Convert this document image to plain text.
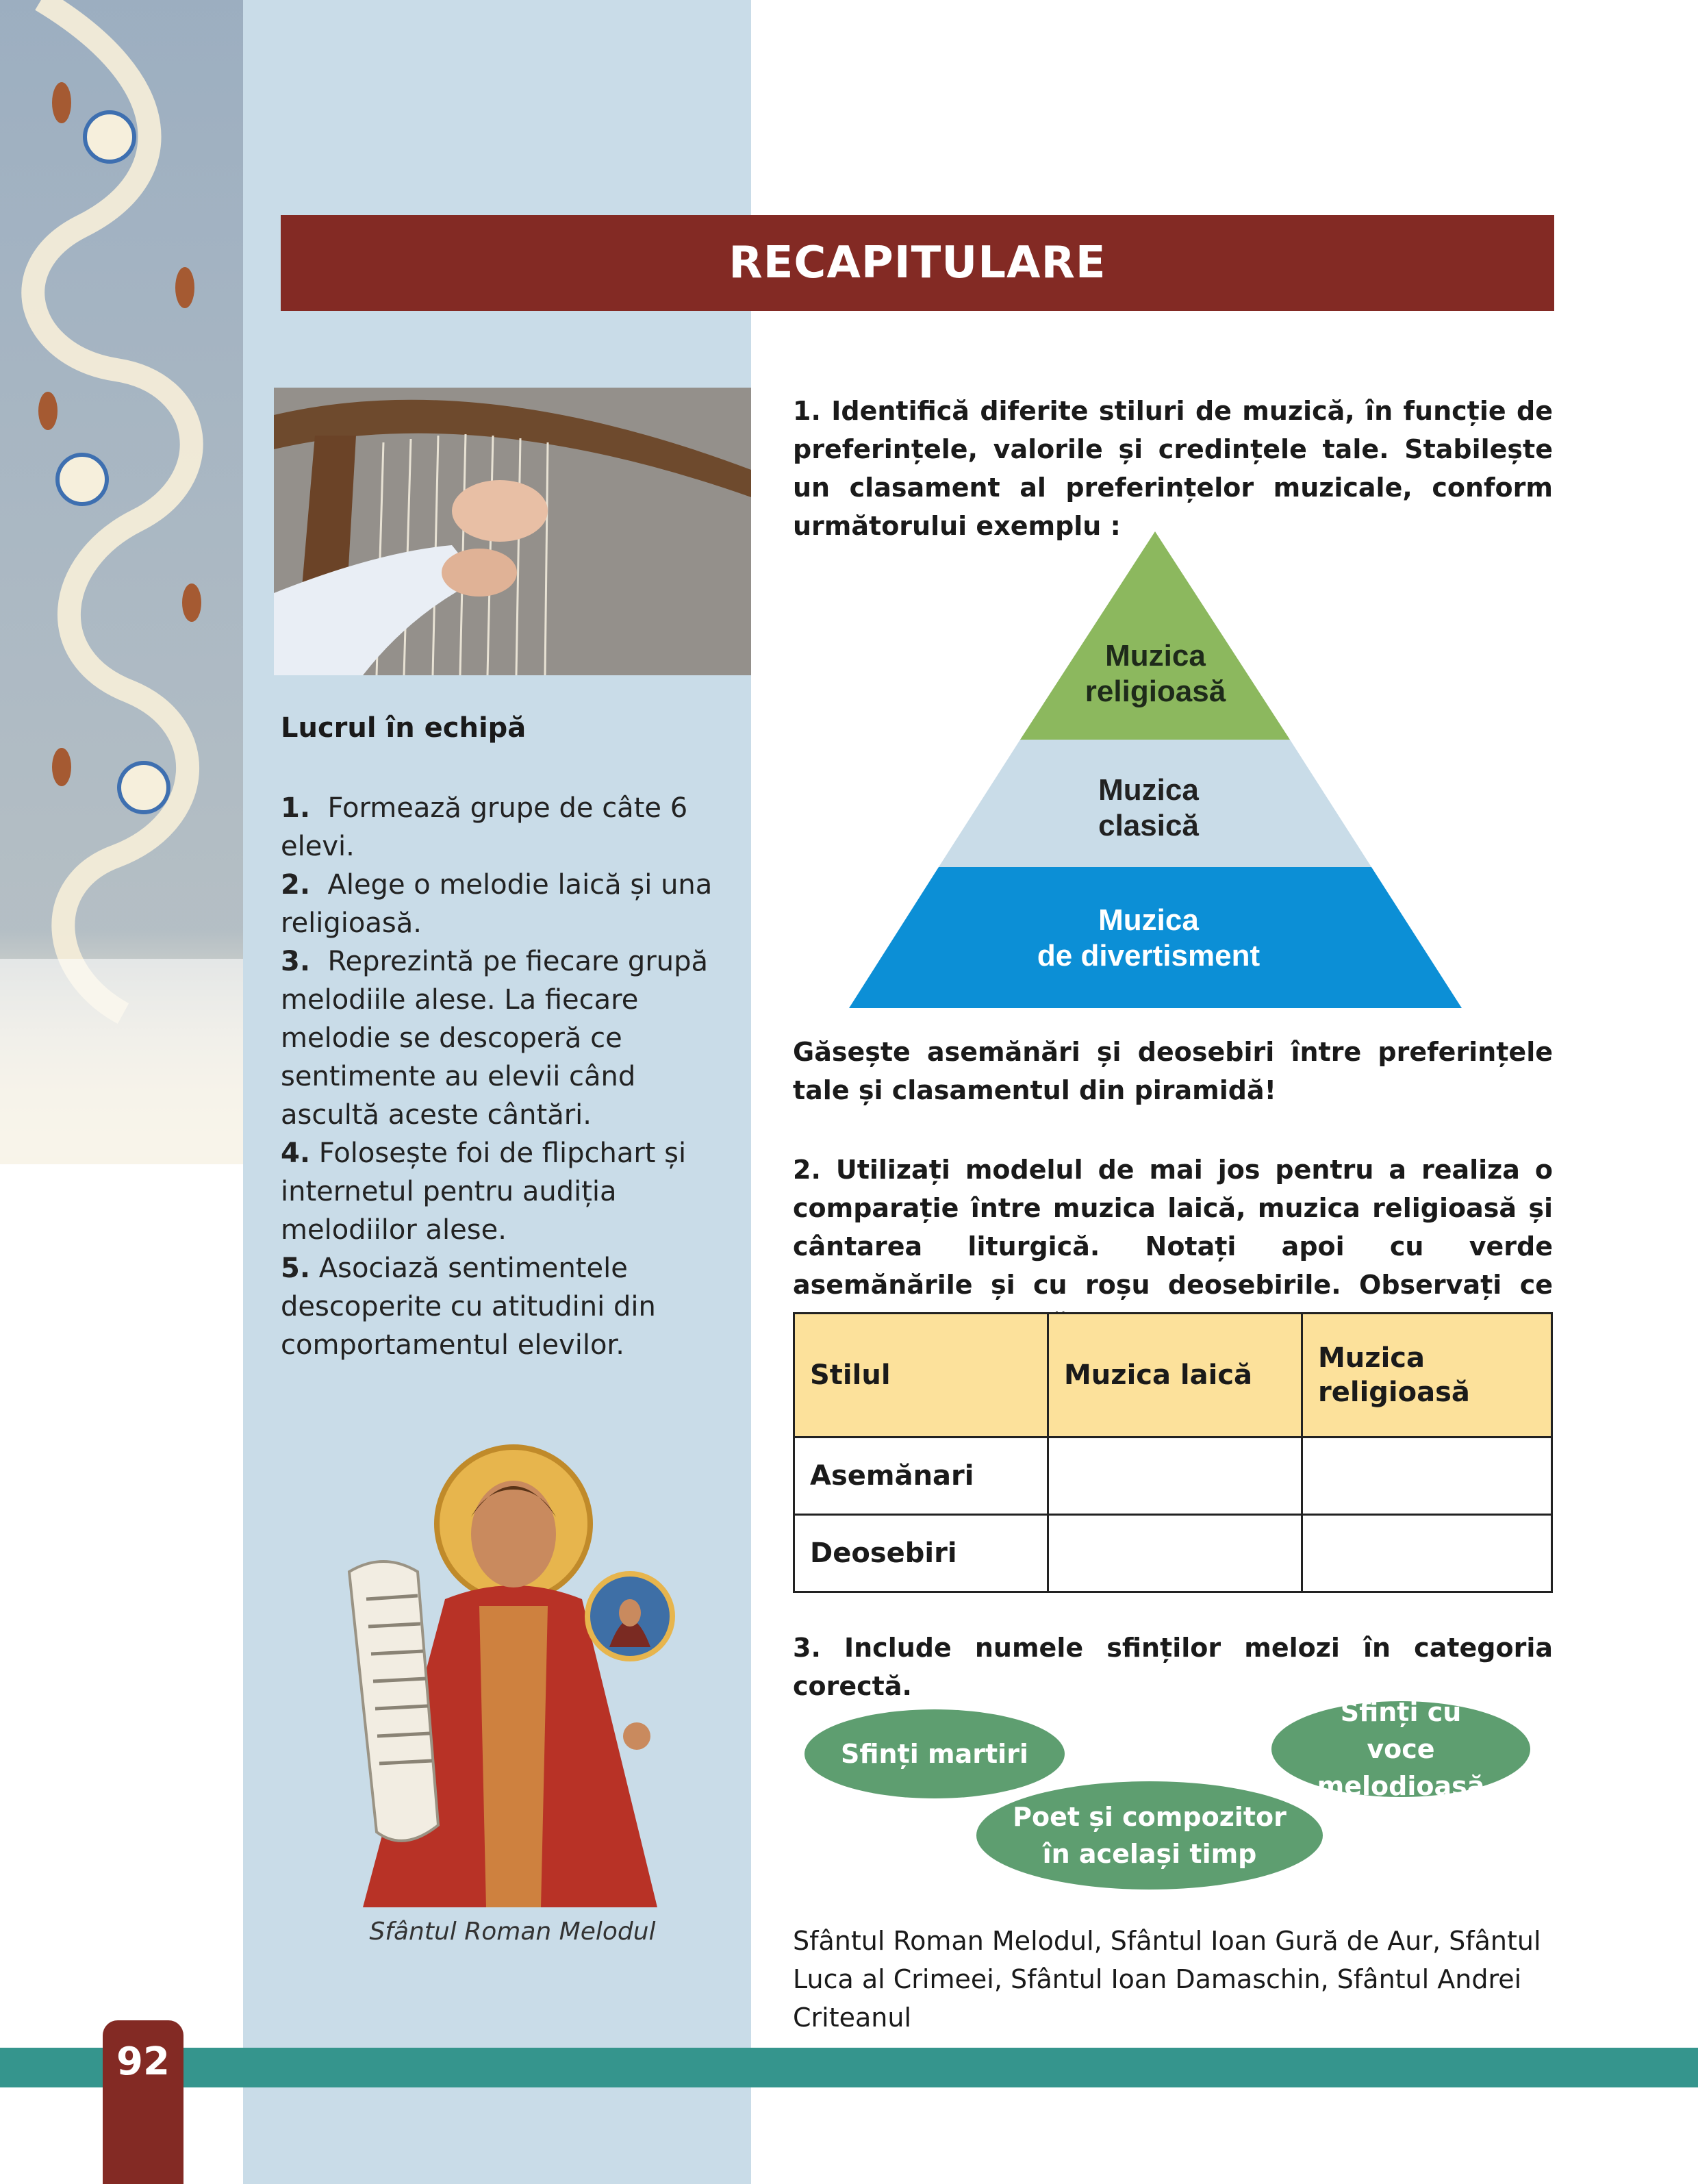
RECAPITULARE
Lucrul în echipă

1. Formează grupe de câte 6 elevi.

2. Alege o melodie laică și una religioasă.

3. Reprezintă pe fiecare grupă melodiile alese. La fiecare melodie se descoperă ce sentimente au elevii când ascultă aceste cântări.

4. Folosește foi de flipchart și internetul pentru audiția melodiilor alese.

5. Asociază sentimentele descoperite cu atitudini din comportamentul elevilor.

Sfântul Roman Melodul
1. Identifică diferite stiluri de muzică, în funcție de preferințele, valorile și credințele tale. Stabilește un clasament al preferințelor muzicale, conform următorului exemplu :
Muzica
religioasă
Muzica
clasică
Muzica
de divertisment
Găsește asemănări și deosebiri între preferințele tale și clasamentul din piramidă!
2. Utilizați modelul de mai jos pentru a realiza o comparație între muzica laică, muzica religioasă și cântarea liturgică. Notați apoi cu verde asemănările și cu roșu deosebirile. Observați ce
Stilul	Muzica laică	Muzica religioasă

Asemănari		
Deosebiri		
3. Include numele sfinților melozi în categoria corectă.
Sfinți martiri
Sfinți cu voce melodioasă
Poet și compozitor în același timp
Sfântul Roman Melodul, Sfântul Ioan Gură de Aur, Sfântul Luca al Crimeei, Sfântul Ioan Damaschin, Sfântul Andrei Criteanul
92
